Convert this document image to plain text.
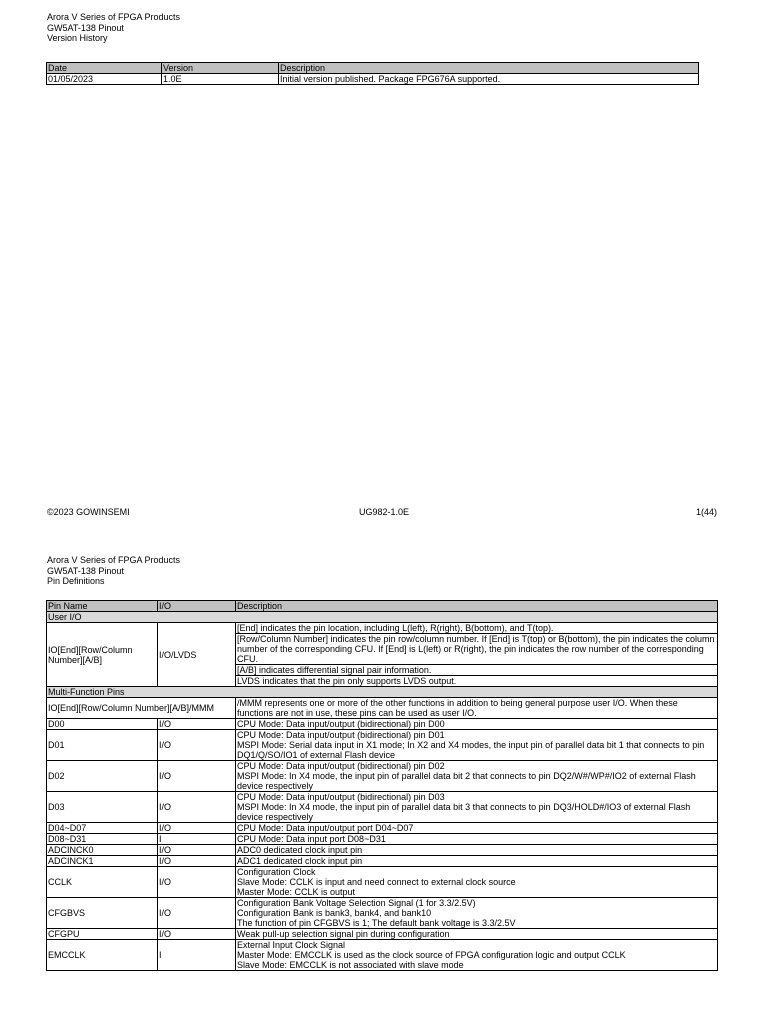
Arora V Series of FPGA Products
GW5AT-138 Pinout
Version History
Date	Version	Description
01/05/2023	1.0E	Initial version published. Package FPG676A supported.
©2023 GOWINSEMI	UG982-1.0E	1(44)
Arora V Series of FPGA Products
GW5AT-138 Pinout
Pin Definitions
Pin Name	I/O	Description
User I/O		
IO[End][Row/Column
Number][A/B]	I/O/LVDS	[End] indicates the pin location, including L(left), R(right), B(bottom), and T(top).
		[Row/Column Number] indicates the pin row/column number. If [End] is T(top) or B(bottom), the pin indicates the column number of the corresponding CFU. If [End] is L(left) or R(right), the pin indicates the row number of the corresponding CFU.
		[A/B] indicates differential signal pair information.
		LVDS indicates that the pin only supports LVDS output.
Multi-Function Pins		
IO[End][Row/Column Number][A/B]/MMM		/MMM represents one or more of the other functions in addition to being general purpose user I/O. When these functions are not in use, these pins can be used as user I/O.
D00	I/O	CPU Mode: Data input/output (bidirectional) pin D00
D01	I/O	CPU Mode: Data input/output (bidirectional) pin D01
MSPI Mode: Serial data input in X1 mode; In X2 and X4 modes, the input pin of parallel data bit 1 that connects to pin DQ1/Q/SO/IO1 of external Flash device
D02	I/O	CPU Mode: Data input/output (bidirectional) pin D02
MSPI Mode: In X4 mode, the input pin of parallel data bit 2 that connects to pin DQ2/W#/WP#/IO2 of external Flash device respectively
D03	I/O	CPU Mode: Data input/output (bidirectional) pin D03
MSPI Mode: In X4 mode, the input pin of parallel data bit 3 that connects to pin DQ3/HOLD#/IO3 of external Flash device respectively
D04~D07	I/O	CPU Mode: Data input/output port D04~D07
D08~D31	I	CPU Mode: Data input port D08~D31
ADCINCK0	I/O	ADC0 dedicated clock input pin
ADCINCK1	I/O	ADC1 dedicated clock input pin
CCLK	I/O	Configuration Clock
Slave Mode: CCLK is input and need connect to external clock source
Master Mode: CCLK is output
CFGBVS	I/O	Configuration Bank Voltage Selection Signal (1 for 3.3/2.5V)
Configuration Bank is bank3, bank4, and bank10
The function of pin CFGBVS is 1; The default bank voltage is 3.3/2.5V
CFGPU	I/O	Weak pull-up selection signal pin during configuration
EMCCLK	I	External Input Clock Signal
Master Mode: EMCCLK is used as the clock source of FPGA configuration logic and output CCLK
Slave Mode: EMCCLK is not associated with slave mode
